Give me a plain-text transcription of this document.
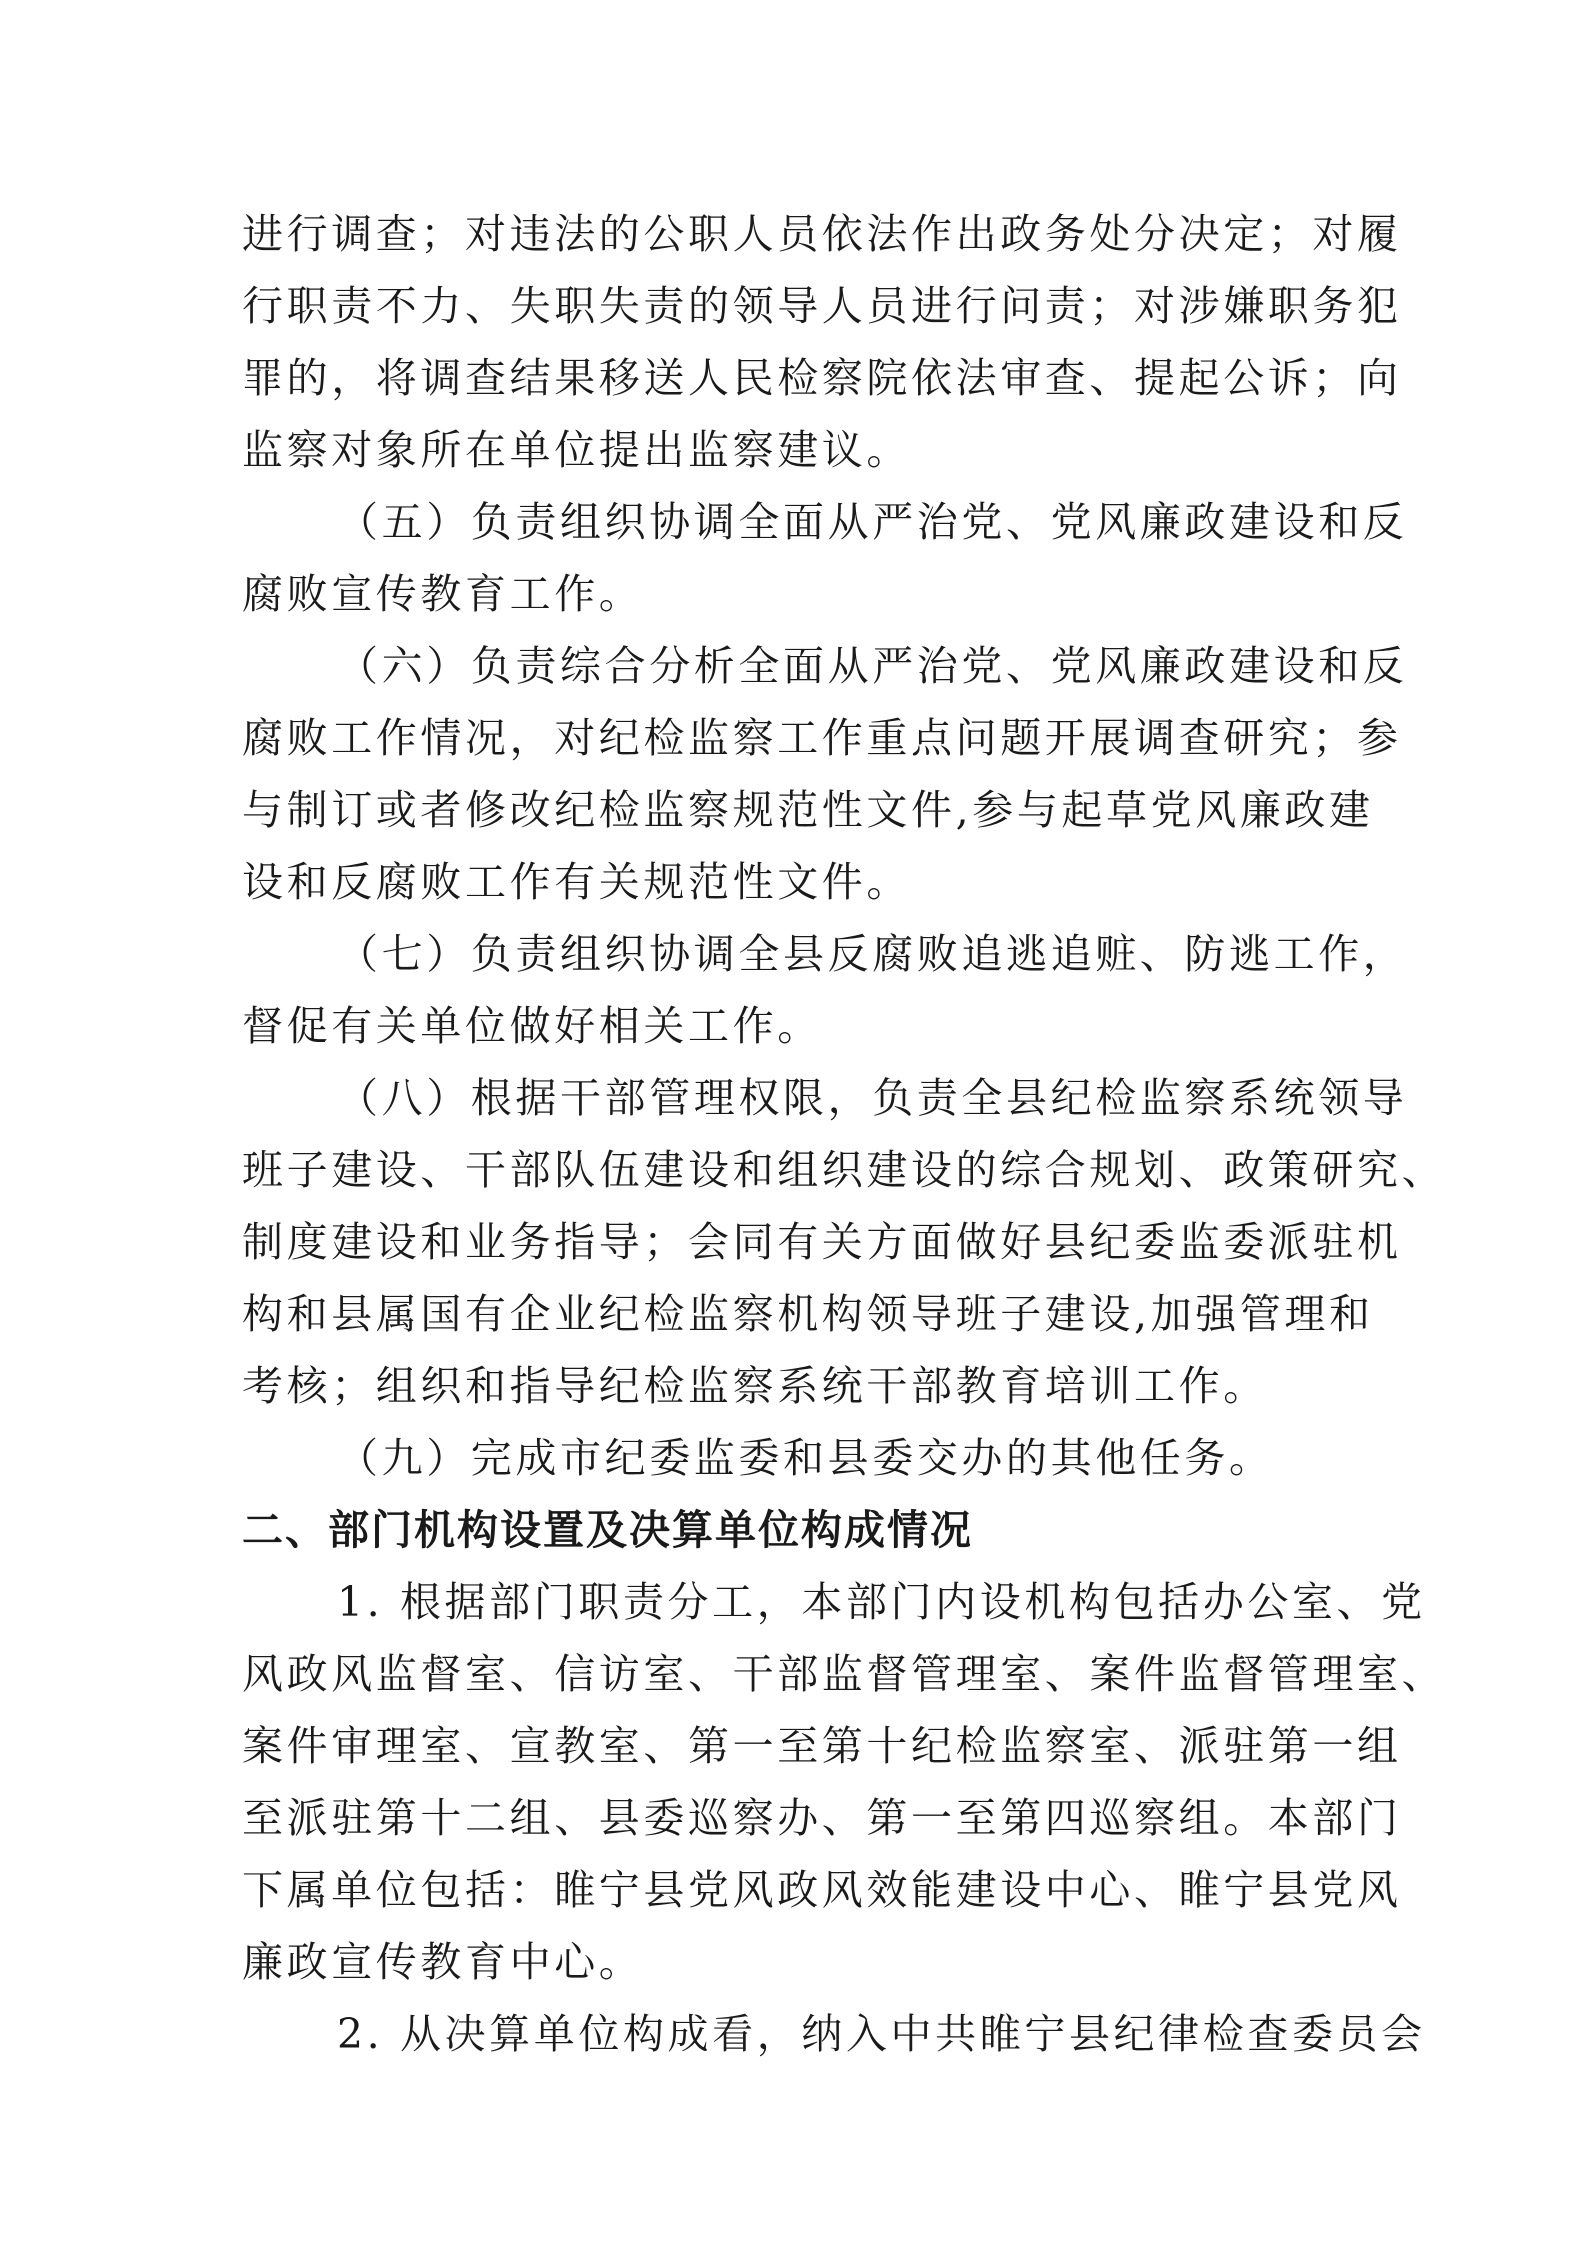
进行调查；对违法的公职人员依法作出政务处分决定；对履
行职责不力、失职失责的领导人员进行问责；对涉嫌职务犯
罪的，将调查结果移送人民检察院依法审查、提起公诉；向
监察对象所在单位提出监察建议。
（五）负责组织协调全面从严治党、党风廉政建设和反
腐败宣传教育工作。
（六）负责综合分析全面从严治党、党风廉政建设和反
腐败工作情况，对纪检监察工作重点问题开展调查研究；参
与制订或者修改纪检监察规范性文件,参与起草党风廉政建
设和反腐败工作有关规范性文件。
（七）负责组织协调全县反腐败追逃追赃、防逃工作，
督促有关单位做好相关工作。
（八）根据干部管理权限，负责全县纪检监察系统领导
班子建设、干部队伍建设和组织建设的综合规划、政策研究、
制度建设和业务指导；会同有关方面做好县纪委监委派驻机
构和县属国有企业纪检监察机构领导班子建设,加强管理和
考核；组织和指导纪检监察系统干部教育培训工作。
（九）完成市纪委监委和县委交办的其他任务。
二、部门机构设置及决算单位构成情况
1. 根据部门职责分工，本部门内设机构包括办公室、党
风政风监督室、信访室、干部监督管理室、案件监督管理室、
案件审理室、宣教室、第一至第十纪检监察室、派驻第一组
至派驻第十二组、县委巡察办、第一至第四巡察组。本部门
下属单位包括：睢宁县党风政风效能建设中心、睢宁县党风
廉政宣传教育中心。
2. 从决算单位构成看，纳入中共睢宁县纪律检查委员会
